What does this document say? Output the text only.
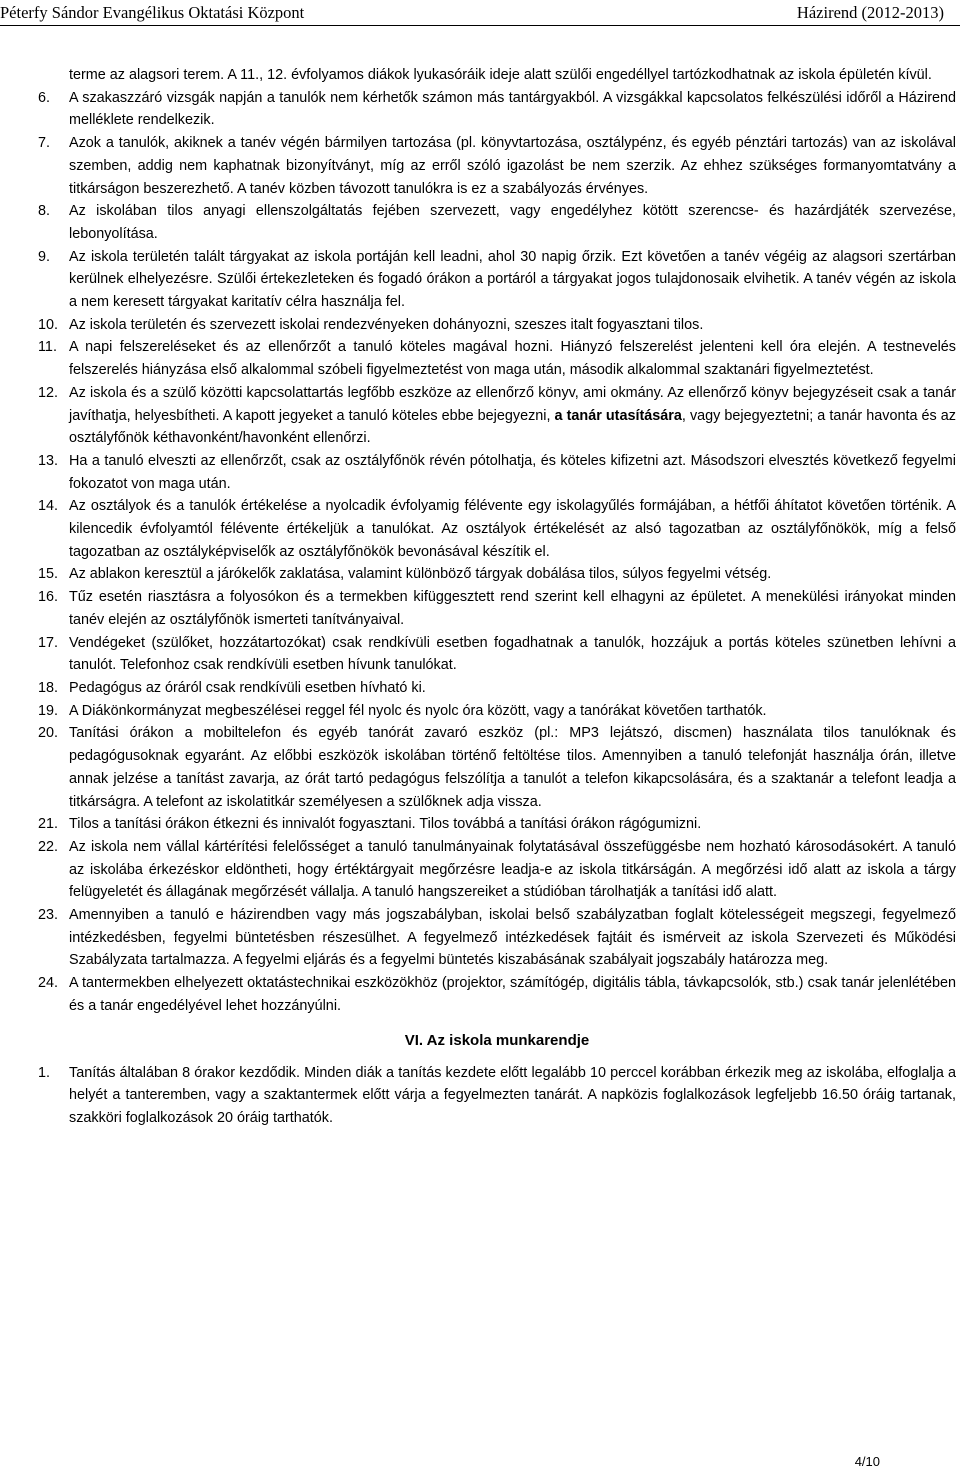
Péterfy Sándor Evangélikus Oktatási Központ	Házirend (2012-2013)
terme az alagsori terem. A 11., 12. évfolyamos diákok lyukasóráik ideje alatt szülői engedéllyel tartózkodhatnak az iskola épületén kívül.
6. A szakaszzáró vizsgák napján a tanulók nem kérhetők számon más tantárgyakból. A vizsgákkal kapcsolatos felkészülési időről a Házirend melléklete rendelkezik.
7. Azok a tanulók, akiknek a tanév végén bármilyen tartozása (pl. könyvtartozása, osztálypénz, és egyéb pénztári tartozás) van az iskolával szemben, addig nem kaphatnak bizonyítványt, míg az erről szóló igazolást be nem szerzik. Az ehhez szükséges formanyomtatvány a titkárságon beszerezhető. A tanév közben távozott tanulókra is ez a szabályozás érvényes.
8. Az iskolában tilos anyagi ellenszolgáltatás fejében szervezett, vagy engedélyhez kötött szerencse- és hazárdjáték szervezése, lebonyolítása.
9. Az iskola területén talált tárgyakat az iskola portáján kell leadni, ahol 30 napig őrzik. Ezt követően a tanév végéig az alagsori szertárban kerülnek elhelyezésre. Szülői értekezleteken és fogadó órákon a portáról a tárgyakat jogos tulajdonosaik elvihetik. A tanév végén az iskola a nem keresett tárgyakat karitatív célra használja fel.
10. Az iskola területén és szervezett iskolai rendezvényeken dohányozni, szeszes italt fogyasztani tilos.
11. A napi felszereléseket és az ellenőrzőt a tanuló köteles magával hozni. Hiányzó felszerelést jelenteni kell óra elején. A testnevelés felszerelés hiányzása első alkalommal szóbeli figyelmeztetést von maga után, második alkalommal szaktanári figyelmeztetést.
12. Az iskola és a szülő közötti kapcsolattartás legfőbb eszköze az ellenőrző könyv, ami okmány. Az ellenőrző könyv bejegyzéseit csak a tanár javíthatja, helyesbítheti. A kapott jegyeket a tanuló köteles ebbe bejegyezni, a tanár utasítására, vagy bejegyeztetni; a tanár havonta és az osztályfőnök kéthavonként/havonként ellenőrzi.
13. Ha a tanuló elveszti az ellenőrzőt, csak az osztályfőnök révén pótolhatja, és köteles kifizetni azt. Másodszori elvesztés következő fegyelmi fokozatot von maga után.
14. Az osztályok és a tanulók értékelése a nyolcadik évfolyamig félévente egy iskolagyűlés formájában, a hétfői áhítatot követően történik. A kilencedik évfolyamtól félévente értékeljük a tanulókat. Az osztályok értékelését az alsó tagozatban az osztályfőnökök, míg a felső tagozatban az osztályképviselők az osztályfőnökök bevonásával készítik el.
15. Az ablakon keresztül a járókelők zaklatása, valamint különböző tárgyak dobálása tilos, súlyos fegyelmi vétség.
16. Tűz esetén riasztásra a folyosókon és a termekben kifüggesztett rend szerint kell elhagyni az épületet. A menekülési irányokat minden tanév elején az osztályfőnök ismerteti tanítványaival.
17. Vendégeket (szülőket, hozzátartozókat) csak rendkívüli esetben fogadhatnak a tanulók, hozzájuk a portás köteles szünetben lehívni a tanulót. Telefonhoz csak rendkívüli esetben hívunk tanulókat.
18. Pedagógus az óráról csak rendkívüli esetben hívható ki.
19. A Diákönkormányzat megbeszélései reggel fél nyolc és nyolc óra között, vagy a tanórákat követően tarthatók.
20. Tanítási órákon a mobiltelefon és egyéb tanórát zavaró eszköz (pl.: MP3 lejátszó, discmen) használata tilos tanulóknak és pedagógusoknak egyaránt. Az előbbi eszközök iskolában történő feltöltése tilos. Amennyiben a tanuló telefonját használja órán, illetve annak jelzése a tanítást zavarja, az órát tartó pedagógus felszólítja a tanulót a telefon kikapcsolására, és a szaktanár a telefont leadja a titkárságra. A telefont az iskolatitkár személyesen a szülőknek adja vissza.
21. Tilos a tanítási órákon étkezni és innivalót fogyasztani. Tilos továbbá a tanítási órákon rágógumizni.
22. Az iskola nem vállal kártérítési felelősséget a tanuló tanulmányainak folytatásával összefüggésbe nem hozható károsodásokért. A tanuló az iskolába érkezéskor eldöntheti, hogy értéktárgyait megőrzésre leadja-e az iskola titkárságán. A megőrzési idő alatt az iskola a tárgy felügyeletét és állagának megőrzését vállalja. A tanuló hangszereiket a stúdióban tárolhatják a tanítási idő alatt.
23. Amennyiben a tanuló e házirendben vagy más jogszabályban, iskolai belső szabályzatban foglalt kötelességeit megszegi, fegyelmező intézkedésben, fegyelmi büntetésben részesülhet. A fegyelmező intézkedések fajtáit és ismérveit az iskola Szervezeti és Működési Szabályzata tartalmazza. A fegyelmi eljárás és a fegyelmi büntetés kiszabásának szabályait jogszabály határozza meg.
24. A tantermekben elhelyezett oktatástechnikai eszközökhöz (projektor, számítógép, digitális tábla, távkapcsolók, stb.) csak tanár jelenlétében és a tanár engedélyével lehet hozzányúlni.
VI. Az iskola munkarendje
1. Tanítás általában 8 órakor kezdődik. Minden diák a tanítás kezdete előtt legalább 10 perccel korábban érkezik meg az iskolába, elfoglalja a helyét a tanteremben, vagy a szaktantermek előtt várja a fegyelmezten tanárát. A napközis foglalkozások legfeljebb 16.50 óráig tartanak, szakköri foglalkozások 20 óráig tarthatók.
4/10
